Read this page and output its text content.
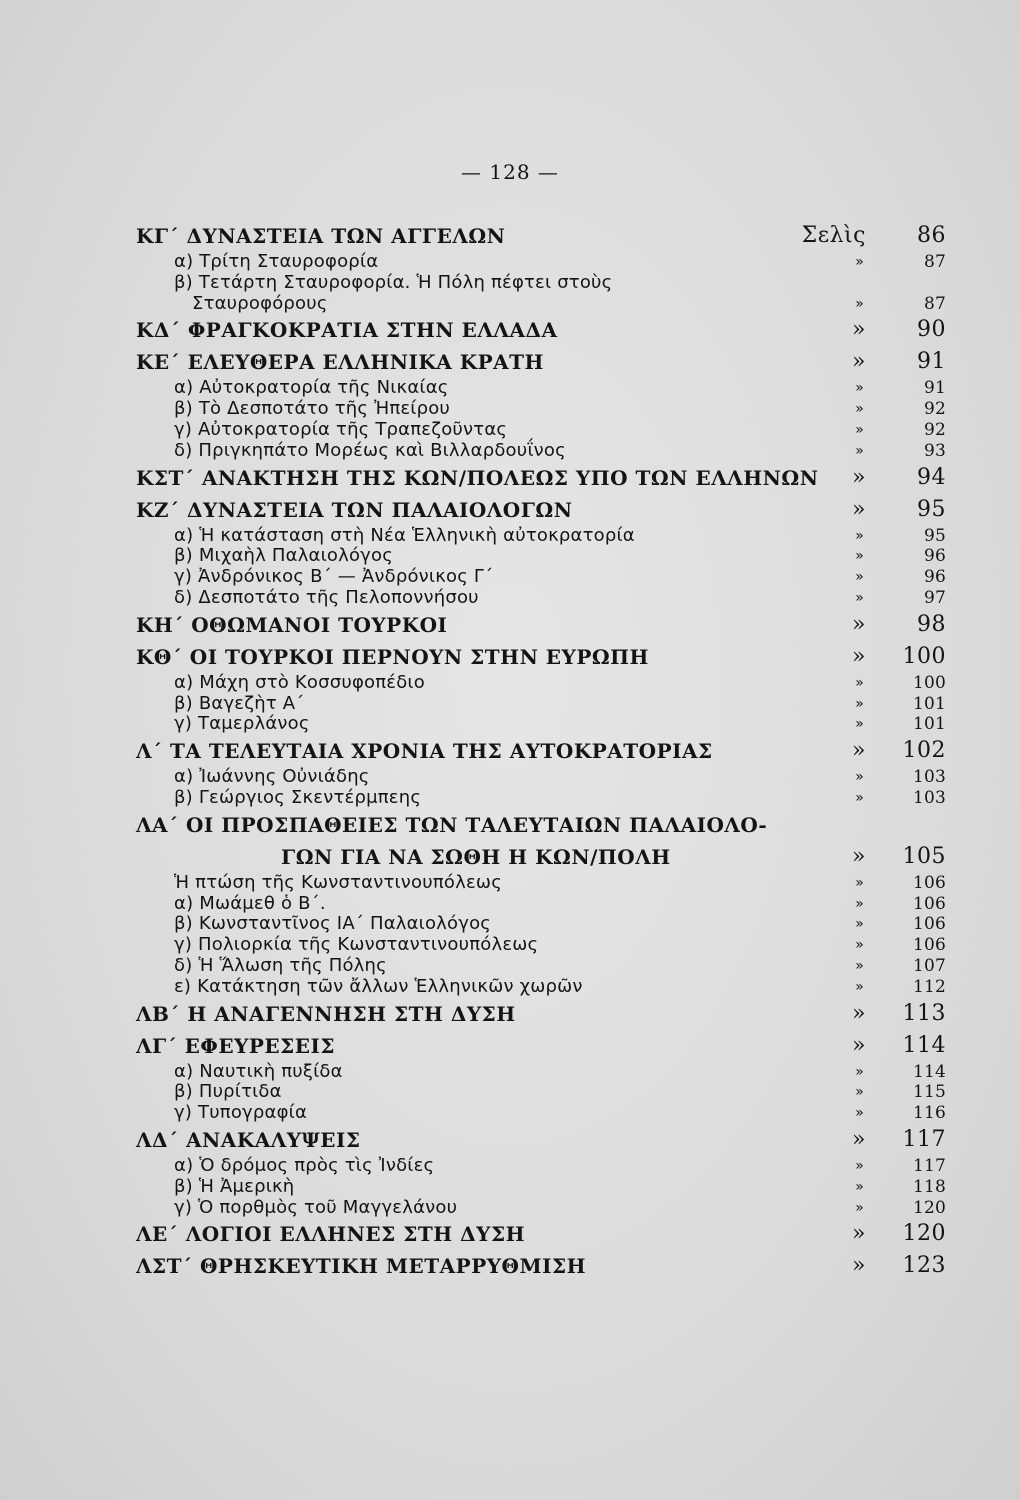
— 128 —
ΚΓ΄ ΔΥΝΑΣΤΕΙΑ ΤΩΝ ΑΓΓΕΛΩΝ	Σελὶς 86
α) Τρίτη Σταυροφορία	»	87
β) Τετάρτη Σταυροφορία. Ἡ Πόλη πέφτει στοὺς
Σταυροφόρους	»	87
ΚΔ΄ ΦΡΑΓΚΟΚΡΑΤΙΑ ΣΤΗΝ ΕΛΛΑΔΑ	» 90
ΚΕ΄ ΕΛΕΥΘΕΡΑ ΕΛΛΗΝΙΚΑ ΚΡΑΤΗ	» 91
α) Αὐτοκρατορία τῆς Νικαίας	»	91
β) Τὸ Δεσποτάτο τῆς Ἠπείρου	»	92
γ) Αὐτοκρατορία τῆς Τραπεζοῦντας	»	92
δ) Πριγκηπάτο Μορέως καὶ Βιλλαρδουΐνος	»	93
ΚΣΤ΄ ΑΝΑΚΤΗΣΗ ΤΗΣ ΚΩΝ/ΠΟΛΕΩΣ ΥΠΟ ΤΩΝ ΕΛΛΗΝΩΝ » 94
ΚΖ΄ ΔΥΝΑΣΤΕΙΑ ΤΩΝ ΠΑΛΑΙΟΛΟΓΩΝ	» 95
α) Ἡ κατάσταση στὴ Νέα Ἑλληνικὴ αὐτοκρατορία	»	95
β) Μιχαὴλ Παλαιολόγος	»	96
γ) Ἀνδρόνικος Β΄ — Ἀνδρόνικος Γ΄	»	96
δ) Δεσποτάτο τῆς Πελοποννήσου	»	97
ΚΗ΄ ΟΘΩΜΑΝΟΙ ΤΟΥΡΚΟΙ	» 98
ΚΘ΄ ΟΙ ΤΟΥΡΚΟΙ ΠΕΡΝΟΥΝ ΣΤΗΝ ΕΥΡΩΠΗ	» 100
α) Μάχη στὸ Κοσσυφοπέδιο	»	100
β) Βαγεζὴτ Α΄	»	101
γ) Ταμερλάνος	»	101
Λ΄ ΤΑ ΤΕΛΕΥΤΑΙΑ ΧΡΟΝΙΑ ΤΗΣ ΑΥΤΟΚΡΑΤΟΡΙΑΣ	» 102
α) Ἰωάννης Οὐνιάδης	»	103
β) Γεώργιος Σκεντέρμπεης	»	103
ΛΑ΄ ΟΙ ΠΡΟΣΠΑΘΕΙΕΣ ΤΩΝ ΤΑΛΕΥΤΑΙΩΝ ΠΑΛΑΙΟΛΟ-
ΓΩΝ ΓΙΑ ΝΑ ΣΩΘΗ Η ΚΩΝ/ΠΟΛΗ	» 105
Ἡ πτώση τῆς Κωνσταντινουπόλεως	»	106
α) Μωάμεθ ὁ Β΄.	»	106
β) Κωνσταντῖνος ΙΑ΄ Παλαιολόγος	»	106
γ) Πολιορκία τῆς Κωνσταντινουπόλεως	»	106
δ) Ἡ Ἅλωση τῆς Πόλης	»	107
ε) Κατάκτηση τῶν ἄλλων Ἑλληνικῶν χωρῶν	»	112
ΛΒ΄ Η ΑΝΑΓΕΝΝΗΣΗ ΣΤΗ ΔΥΣΗ	» 113
ΛΓ΄ ΕΦΕΥΡΕΣΕΙΣ	» 114
α) Ναυτικὴ πυξίδα	»	114
β) Πυρίτιδα	»	115
γ) Τυπογραφία	»	116
ΛΔ΄ ΑΝΑΚΑΛΥΨΕΙΣ	» 117
α) Ὁ δρόμος πρὸς τὶς Ἰνδίες	»	117
β) Ἡ Ἀμερικὴ	»	118
γ) Ὁ πορθμὸς τοῦ Μαγγελάνου	»	120
ΛΕ΄ ΛΟΓΙΟΙ ΕΛΛΗΝΕΣ ΣΤΗ ΔΥΣΗ	» 120
ΛΣΤ΄ ΘΡΗΣΚΕΥΤΙΚΗ ΜΕΤΑΡΡΥΘΜΙΣΗ	» 123
